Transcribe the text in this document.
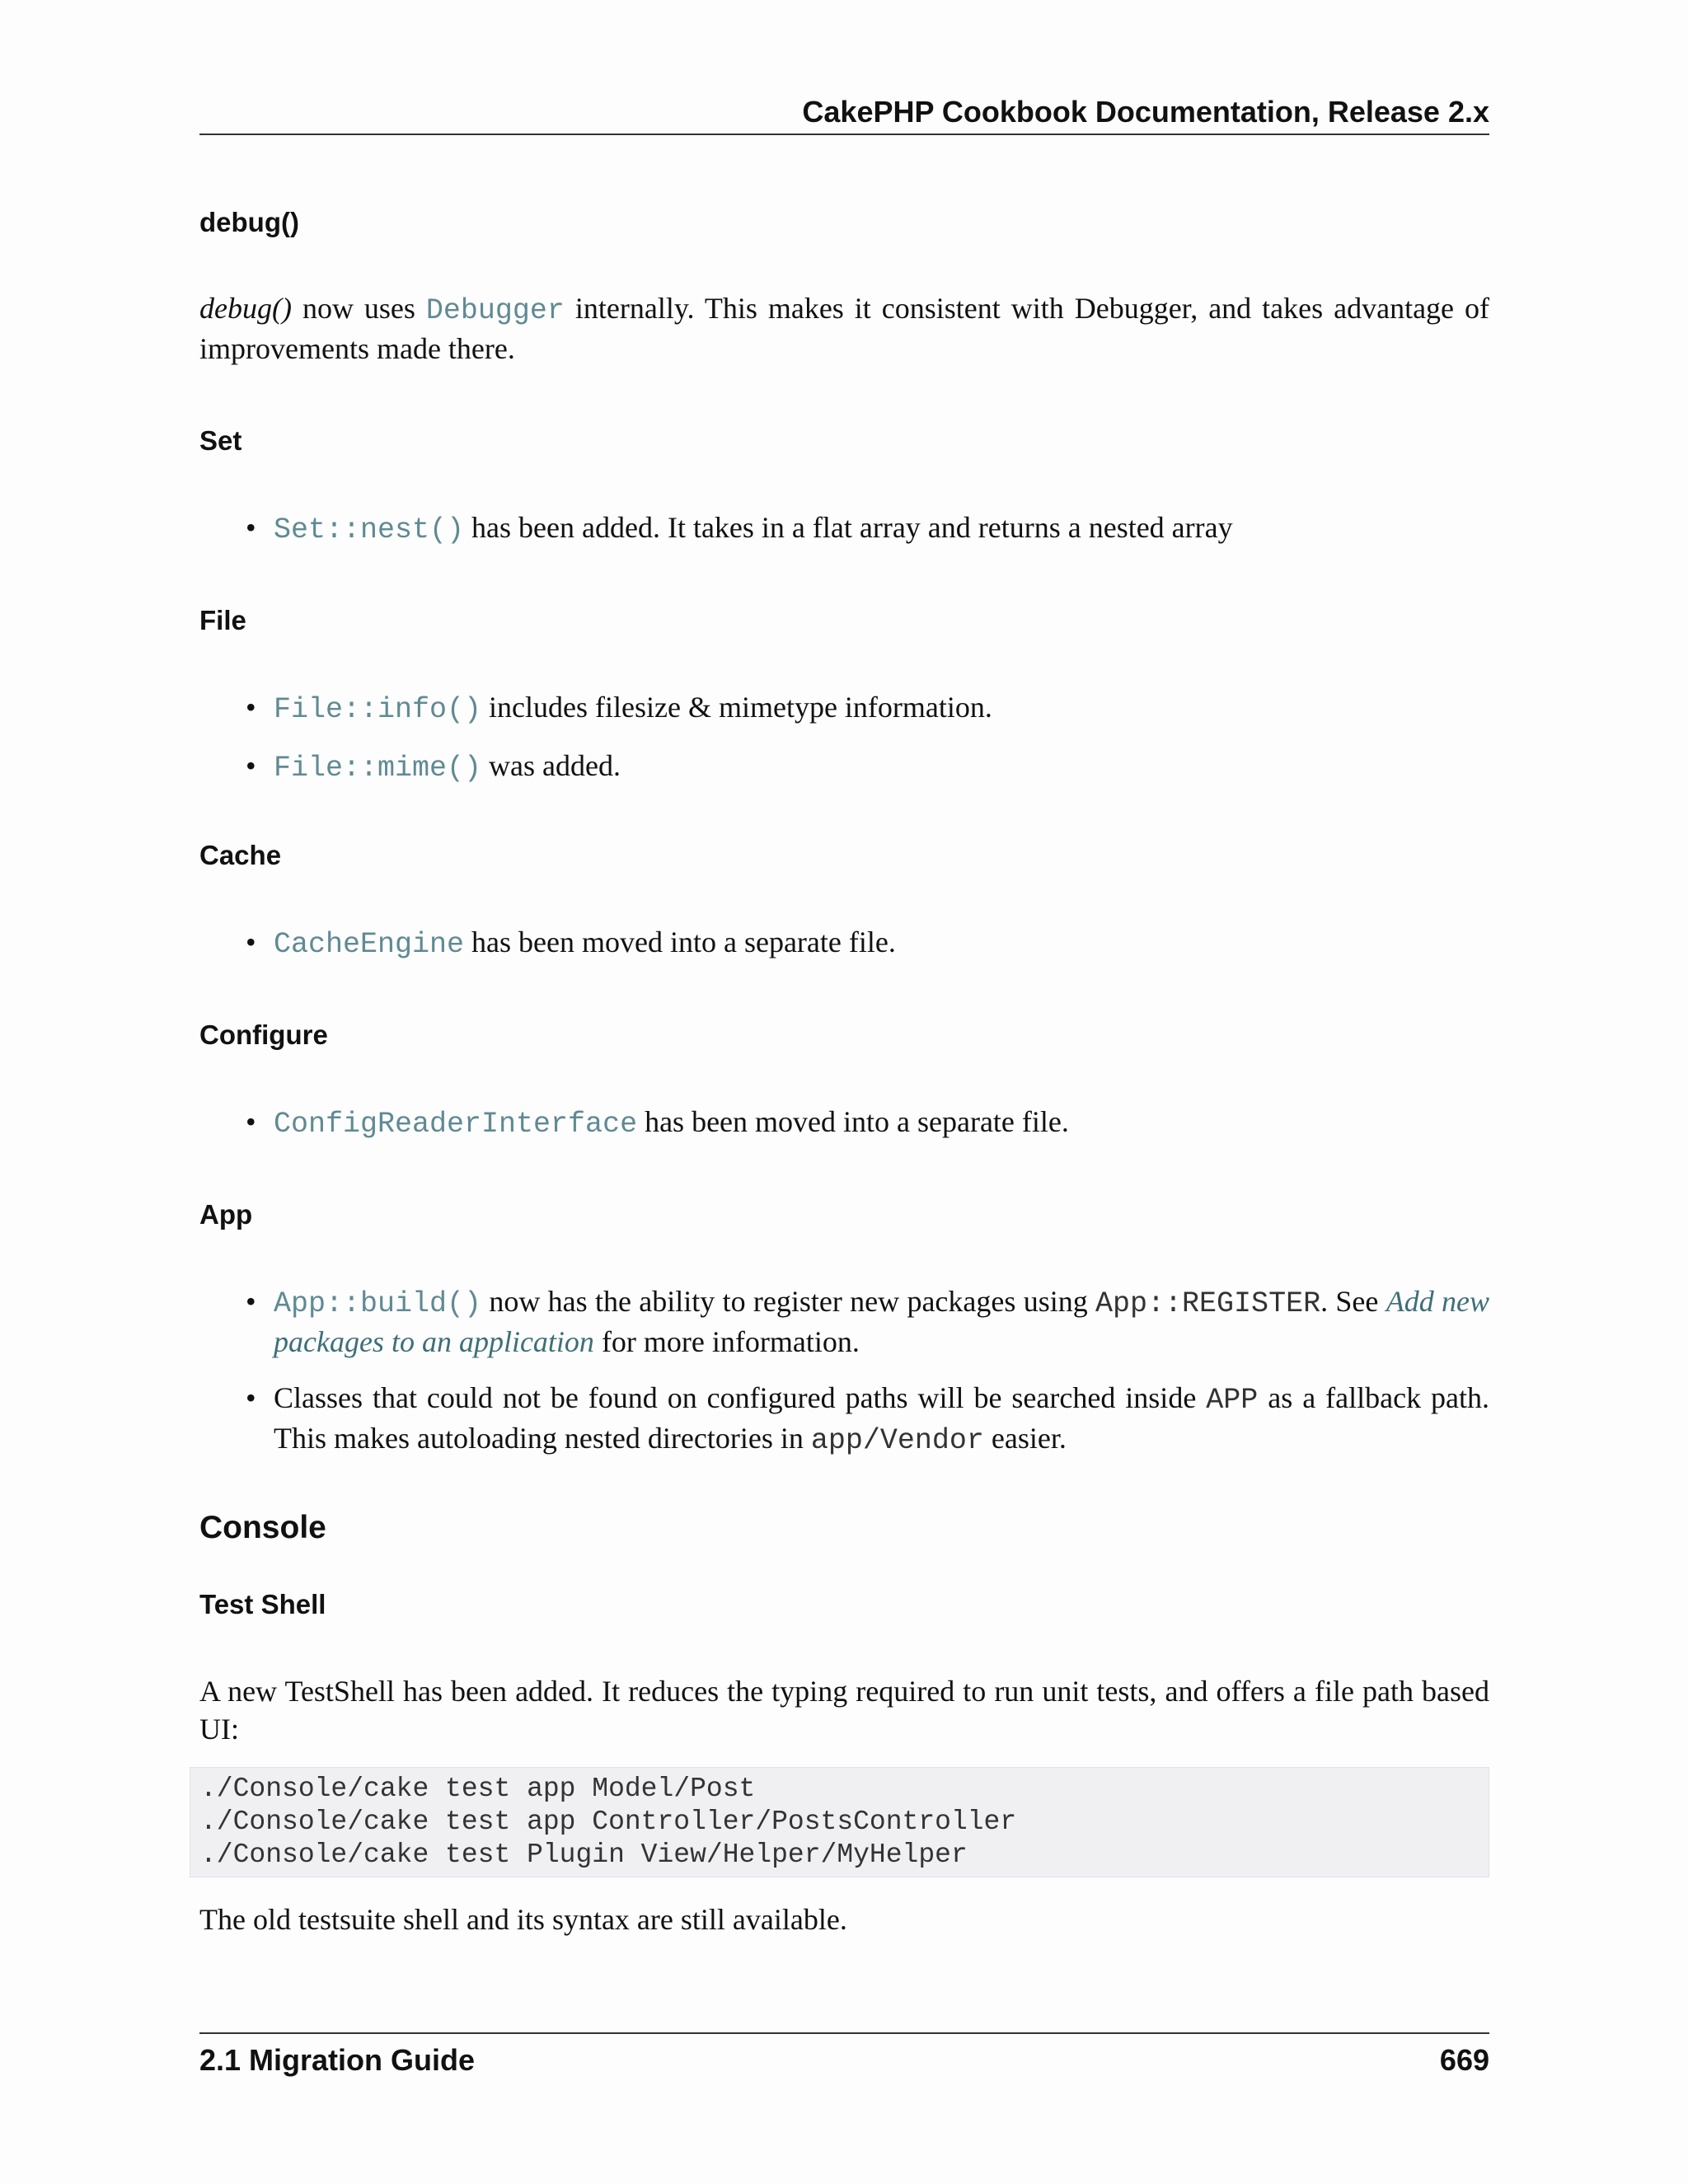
CakePHP Cookbook Documentation, Release 2.x
debug()

debug() now uses Debugger internally. This makes it consistent with Debugger, and takes advantage of improvements made there.

Set
• Set::nest() has been added. It takes in a flat array and returns a nested array
File
• File::info() includes filesize & mimetype information.
• File::mime() was added.
Cache
• CacheEngine has been moved into a separate file.
Configure
• ConfigReaderInterface has been moved into a separate file.
App
• App::build() now has the ability to register new packages using App::REGISTER. See Add new packages to an application for more information.
• Classes that could not be found on configured paths will be searched inside APP as a fallback path. This makes autoloading nested directories in app/Vendor easier.
Console
Test Shell

A new TestShell has been added. It reduces the typing required to run unit tests, and offers a file path based UI:

./Console/cake test app Model/Post
./Console/cake test app Controller/PostsController
./Console/cake test Plugin View/Helper/MyHelper

The old testsuite shell and its syntax are still available.

2.1 Migration Guide	669
